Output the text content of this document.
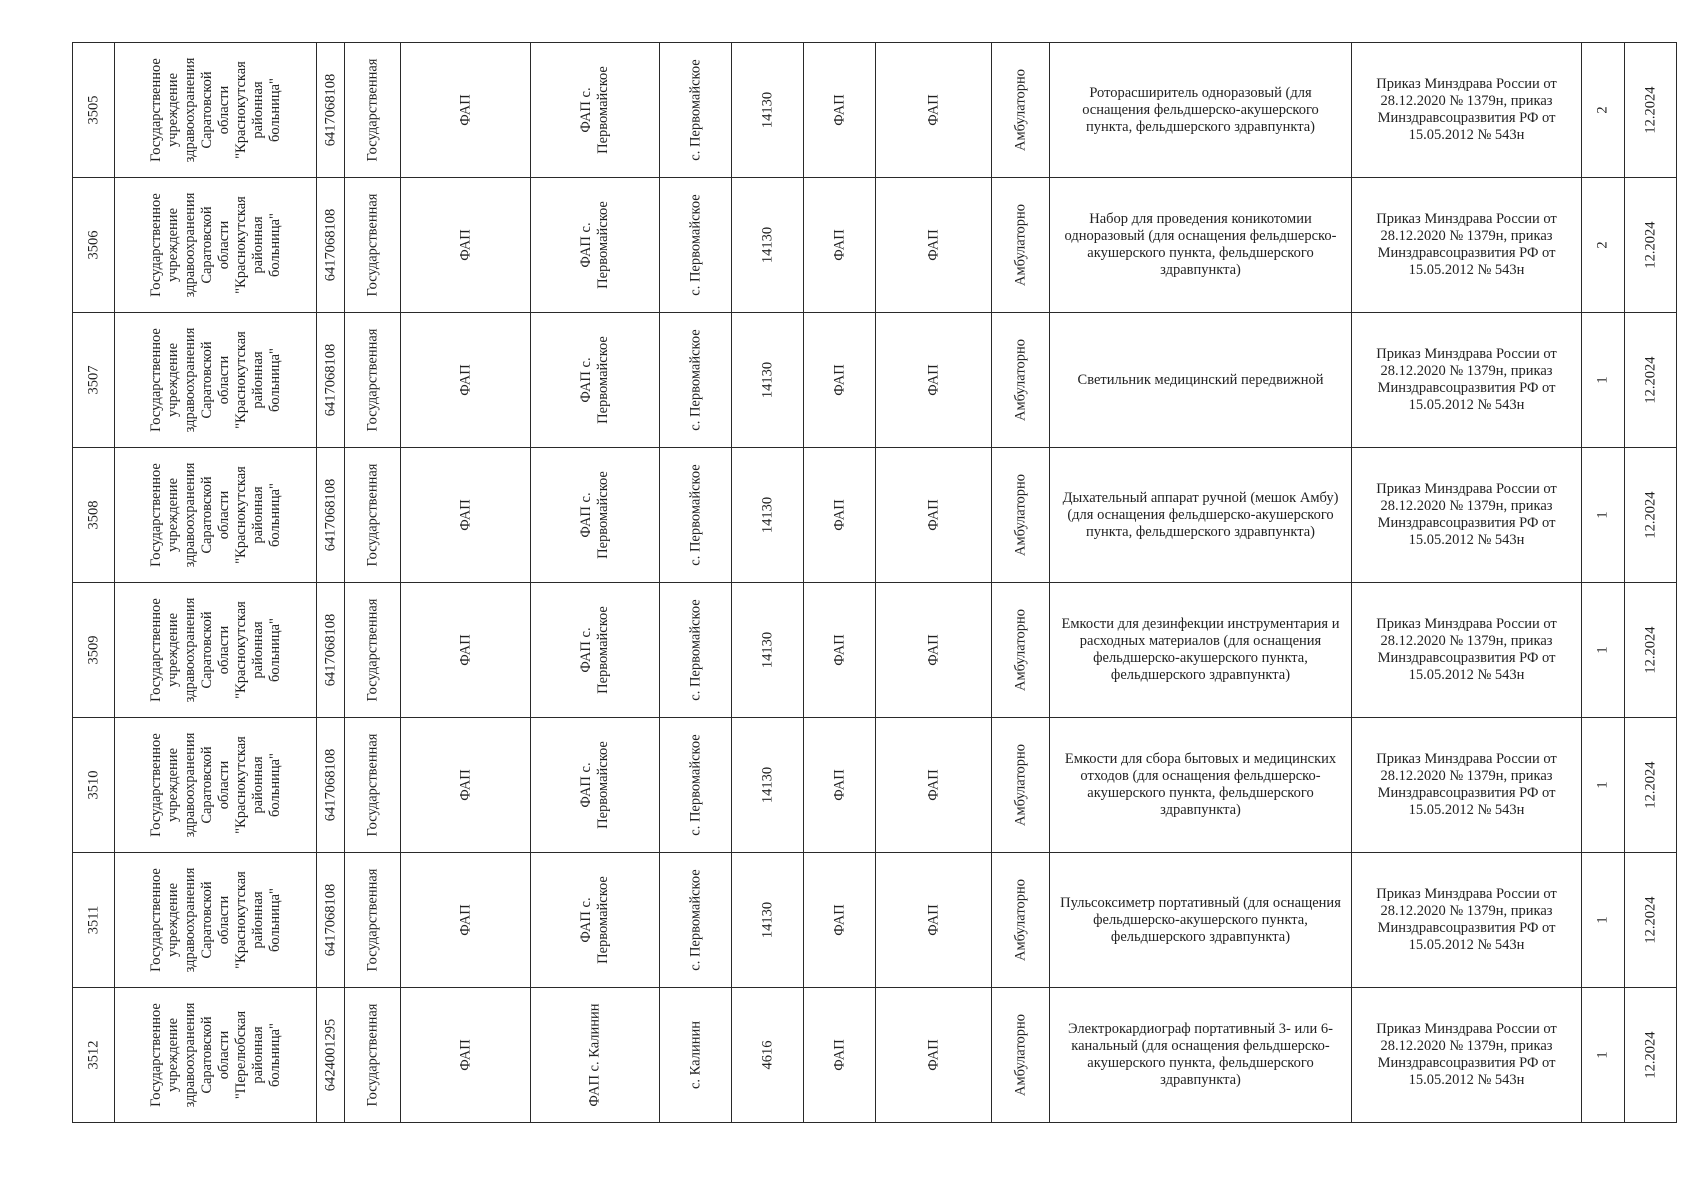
3505	Государственное учреждение здравоохранения Саратовской области "Краснокутская районная больница"	6417068108	Государственная	ФАП	ФАП с. Первомайское	с. Первомайское	14130	ФАП	ФАП	Амбулаторно	Роторасширитель одноразовый (для оснащения фельдшерско-акушерского пункта, фельдшерского здравпункта)	Приказ Минздрава России от 28.12.2020 № 1379н, приказ Минздравсоцразвития РФ от 15.05.2012 № 543н	2	12.2024

3506	Государственное учреждение здравоохранения Саратовской области "Краснокутская районная больница"	6417068108	Государственная	ФАП	ФАП с. Первомайское	с. Первомайское	14130	ФАП	ФАП	Амбулаторно	Набор для проведения коникотомии одноразовый (для оснащения фельдшерско-акушерского пункта, фельдшерского здравпункта)	Приказ Минздрава России от 28.12.2020 № 1379н, приказ Минздравсоцразвития РФ от 15.05.2012 № 543н	2	12.2024

3507	Государственное учреждение здравоохранения Саратовской области "Краснокутская районная больница"	6417068108	Государственная	ФАП	ФАП с. Первомайское	с. Первомайское	14130	ФАП	ФАП	Амбулаторно	Светильник медицинский передвижной	Приказ Минздрава России от 28.12.2020 № 1379н, приказ Минздравсоцразвития РФ от 15.05.2012 № 543н	1	12.2024

3508	Государственное учреждение здравоохранения Саратовской области "Краснокутская районная больница"	6417068108	Государственная	ФАП	ФАП с. Первомайское	с. Первомайское	14130	ФАП	ФАП	Амбулаторно	Дыхательный аппарат ручной (мешок Амбу) (для оснащения фельдшерско-акушерского пункта, фельдшерского здравпункта)	Приказ Минздрава России от 28.12.2020 № 1379н, приказ Минздравсоцразвития РФ от 15.05.2012 № 543н	1	12.2024

3509	Государственное учреждение здравоохранения Саратовской области "Краснокутская районная больница"	6417068108	Государственная	ФАП	ФАП с. Первомайское	с. Первомайское	14130	ФАП	ФАП	Амбулаторно	Емкости для дезинфекции инструментария и расходных материалов (для оснащения фельдшерско-акушерского пункта, фельдшерского здравпункта)	Приказ Минздрава России от 28.12.2020 № 1379н, приказ Минздравсоцразвития РФ от 15.05.2012 № 543н	1	12.2024

3510	Государственное учреждение здравоохранения Саратовской области "Краснокутская районная больница"	6417068108	Государственная	ФАП	ФАП с. Первомайское	с. Первомайское	14130	ФАП	ФАП	Амбулаторно	Емкости для сбора бытовых и медицинских отходов (для оснащения фельдшерско-акушерского пункта, фельдшерского здравпункта)	Приказ Минздрава России от 28.12.2020 № 1379н, приказ Минздравсоцразвития РФ от 15.05.2012 № 543н	1	12.2024

3511	Государственное учреждение здравоохранения Саратовской области "Краснокутская районная больница"	6417068108	Государственная	ФАП	ФАП с. Первомайское	с. Первомайское	14130	ФАП	ФАП	Амбулаторно	Пульсоксиметр портативный (для оснащения фельдшерско-акушерского пункта, фельдшерского здравпункта)	Приказ Минздрава России от 28.12.2020 № 1379н, приказ Минздравсоцразвития РФ от 15.05.2012 № 543н	1	12.2024

3512	Государственное учреждение здравоохранения Саратовской области "Перелюбская районная больница"	6424001295	Государственная	ФАП	ФАП с. Калинин	с. Калинин	4616	ФАП	ФАП	Амбулаторно	Электрокардиограф портативный 3- или 6-канальный (для оснащения фельдшерско-акушерского пункта, фельдшерского здравпункта)	Приказ Минздрава России от 28.12.2020 № 1379н, приказ Минздравсоцразвития РФ от 15.05.2012 № 543н	1	12.2024
